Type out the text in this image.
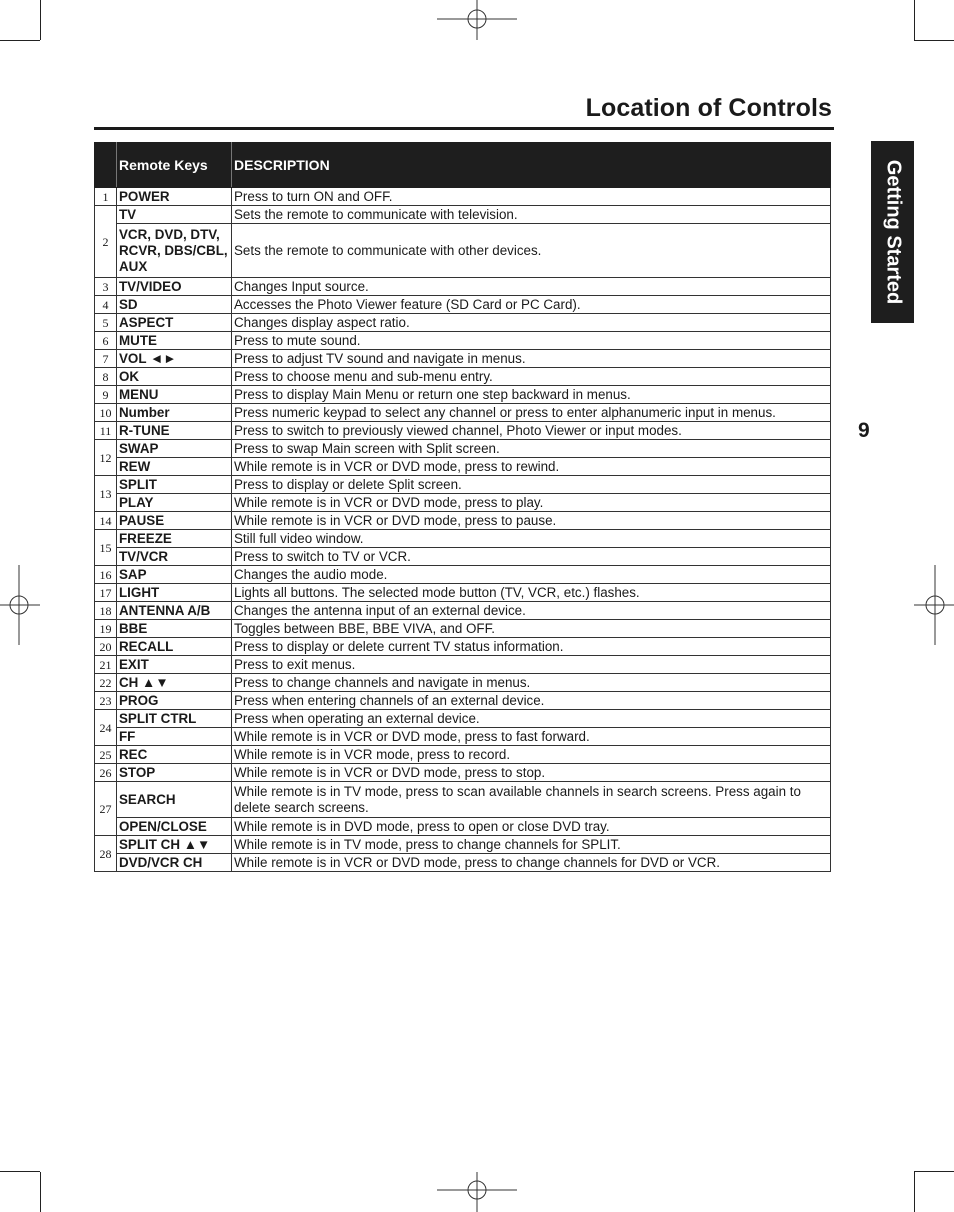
Location of Controls
Getting Started
9
	Remote Keys	DESCRIPTION
1	POWER	Press to turn ON and OFF.
2	TV	Sets the remote to communicate with television.
	VCR, DVD, DTV, RCVR, DBS/CBL, AUX	Sets the remote to communicate with other devices.
3	TV/VIDEO	Changes Input source.
4	SD	Accesses the Photo Viewer feature (SD Card or PC Card).
5	ASPECT	Changes display aspect ratio.
6	MUTE	Press to mute sound.
7	VOL ◄►	Press to adjust TV sound and navigate in menus.
8	OK	Press to choose menu and sub-menu entry.
9	MENU	Press to display Main Menu or return one step backward in menus.
10	Number	Press numeric keypad to select any channel or press to enter alphanumeric input in menus.
11	R-TUNE	Press to switch to previously viewed channel, Photo Viewer or input modes.
12	SWAP	Press to swap Main screen with Split screen.
	REW	While remote is in VCR or DVD mode, press to rewind.
13	SPLIT	Press to display or delete Split screen.
	PLAY	While remote is in VCR or DVD mode, press to play.
14	PAUSE	While remote is in VCR or DVD mode, press to pause.
15	FREEZE	Still full video window.
	TV/VCR	Press to switch to TV or VCR.
16	SAP	Changes the audio mode.
17	LIGHT	Lights all buttons. The selected mode button (TV, VCR, etc.) flashes.
18	ANTENNA A/B	Changes the antenna input of an external device.
19	BBE	Toggles between BBE, BBE VIVA, and OFF.
20	RECALL	Press to display or delete current TV status information.
21	EXIT	Press to exit menus.
22	CH ▲▼	Press to change channels and navigate in menus.
23	PROG	Press when entering channels of an external device.
24	SPLIT CTRL	Press when operating an external device.
	FF	While remote is in VCR or DVD mode, press to fast forward.
25	REC	While remote is in VCR mode, press to record.
26	STOP	While remote is in VCR or DVD mode, press to stop.
27	SEARCH	While remote is in TV mode, press to scan available channels in search screens. Press again to delete search screens.
	OPEN/CLOSE	While remote is in DVD mode, press to open or close DVD tray.
28	SPLIT CH ▲▼	While remote is in TV mode, press to change channels for SPLIT.
	DVD/VCR CH	While remote is in VCR or DVD mode, press to change channels for DVD or VCR.
